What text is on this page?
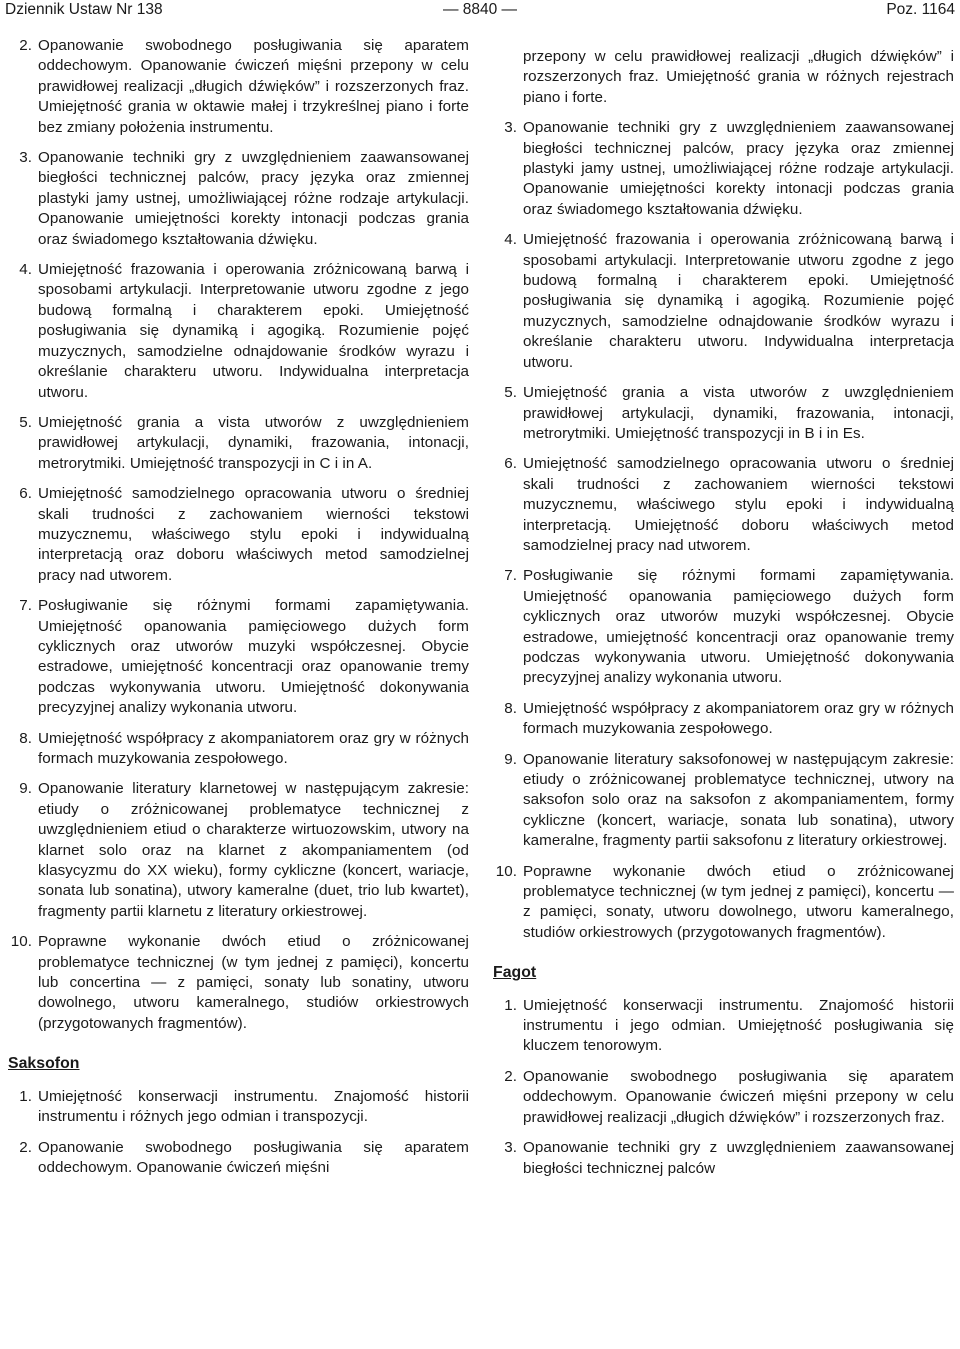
— 8840 —
Dziennik Ustaw Nr 138	Poz. 1164
2. Opanowanie swobodnego posługiwania się aparatem oddechowym. Opanowanie ćwiczeń mięśni przepony w celu prawidłowej realizacji „długich dźwięków” i rozszerzonych fraz. Umiejętność grania w oktawie małej i trzykreślnej piano i forte bez zmiany położenia instrumentu.
3. Opanowanie techniki gry z uwzględnieniem zaawansowanej biegłości technicznej palców, pracy języka oraz zmiennej plastyki jamy ustnej, umożliwiającej różne rodzaje artykulacji. Opanowanie umiejętności korekty intonacji podczas grania oraz świadomego kształtowania dźwięku.
4. Umiejętność frazowania i operowania zróżnicowaną barwą i sposobami artykulacji. Interpretowanie utworu zgodne z jego budową formalną i charakterem epoki. Umiejętność posługiwania się dynamiką i agogiką. Rozumienie pojęć muzycznych, samodzielne odnajdowanie środków wyrazu i określanie charakteru utworu. Indywidualna interpretacja utworu.
5. Umiejętność grania a vista utworów z uwzględnieniem prawidłowej artykulacji, dynamiki, frazowania, intonacji, metrorytmiki. Umiejętność transpozycji in C i in A.
6. Umiejętność samodzielnego opracowania utworu o średniej skali trudności z zachowaniem wierności tekstowi muzycznemu, właściwego stylu epoki i indywidualną interpretacją oraz doboru właściwych metod samodzielnej pracy nad utworem.
7. Posługiwanie się różnymi formami zapamiętywania. Umiejętność opanowania pamięciowego dużych form cyklicznych oraz utworów muzyki współczesnej. Obycie estradowe, umiejętność koncentracji oraz opanowanie tremy podczas wykonywania utworu. Umiejętność dokonywania precyzyjnej analizy wykonania utworu.
8. Umiejętność współpracy z akompaniatorem oraz gry w różnych formach muzykowania zespołowego.
9. Opanowanie literatury klarnetowej w następującym zakresie: etiudy o zróżnicowanej problematyce technicznej z uwzględnieniem etiud o charakterze wirtuozowskim, utwory na klarnet solo oraz na klarnet z akompaniamentem (od klasycyzmu do XX wieku), formy cykliczne (koncert, wariacje, sonata lub sonatina), utwory kameralne (duet, trio lub kwartet), fragmenty partii klarnetu z literatury orkiestrowej.
10. Poprawne wykonanie dwóch etiud o zróżnicowanej problematyce technicznej (w tym jednej z pamięci), koncertu lub concertina — z pamięci, sonaty lub sonatiny, utworu dowolnego, utworu kameralnego, studiów orkiestrowych (przygotowanych fragmentów).
Saksofon
1. Umiejętność konserwacji instrumentu. Znajomość historii instrumentu i różnych jego odmian i transpozycji.
2. Opanowanie swobodnego posługiwania się aparatem oddechowym. Opanowanie ćwiczeń mięśni
przepony w celu prawidłowej realizacji „długich dźwięków” i rozszerzonych fraz. Umiejętność grania w różnych rejestrach piano i forte.
3. Opanowanie techniki gry z uwzględnieniem zaawansowanej biegłości technicznej palców, pracy języka oraz zmiennej plastyki jamy ustnej, umożliwiającej różne rodzaje artykulacji. Opanowanie umiejętności korekty intonacji podczas grania oraz świadomego kształtowania dźwięku.
4. Umiejętność frazowania i operowania zróżnicowaną barwą i sposobami artykulacji. Interpretowanie utworu zgodne z jego budową formalną i charakterem epoki. Umiejętność posługiwania się dynamiką i agogiką. Rozumienie pojęć muzycznych, samodzielne odnajdowanie środków wyrazu i określanie charakteru utworu. Indywidualna interpretacja utworu.
5. Umiejętność grania a vista utworów z uwzględnieniem prawidłowej artykulacji, dynamiki, frazowania, intonacji, metrorytmiki. Umiejętność transpozycji in B i in Es.
6. Umiejętność samodzielnego opracowania utworu o średniej skali trudności z zachowaniem wierności tekstowi muzycznemu, właściwego stylu epoki i indywidualną interpretacją. Umiejętność doboru właściwych metod samodzielnej pracy nad utworem.
7. Posługiwanie się różnymi formami zapamiętywania. Umiejętność opanowania pamięciowego dużych form cyklicznych oraz utworów muzyki współczesnej. Obycie estradowe, umiejętność koncentracji oraz opanowanie tremy podczas wykonywania utworu. Umiejętność dokonywania precyzyjnej analizy wykonania utworu.
8. Umiejętność współpracy z akompaniatorem oraz gry w różnych formach muzykowania zespołowego.
9. Opanowanie literatury saksofonowej w następującym zakresie: etiudy o zróżnicowanej problematyce technicznej, utwory na saksofon solo oraz na saksofon z akompaniamentem, formy cykliczne (koncert, wariacje, sonata lub sonatina), utwory kameralne, fragmenty partii saksofonu z literatury orkiestrowej.
10. Poprawne wykonanie dwóch etiud o zróżnicowanej problematyce technicznej (w tym jednej z pamięci), koncertu — z pamięci, sonaty, utworu dowolnego, utworu kameralnego, studiów orkiestrowych (przygotowanych fragmentów).
Fagot
1. Umiejętność konserwacji instrumentu. Znajomość historii instrumentu i jego odmian. Umiejętność posługiwania się kluczem tenorowym.
2. Opanowanie swobodnego posługiwania się aparatem oddechowym. Opanowanie ćwiczeń mięśni przepony w celu prawidłowej realizacji „długich dźwięków” i rozszerzonych fraz.
3. Opanowanie techniki gry z uwzględnieniem zaawansowanej biegłości technicznej palców
